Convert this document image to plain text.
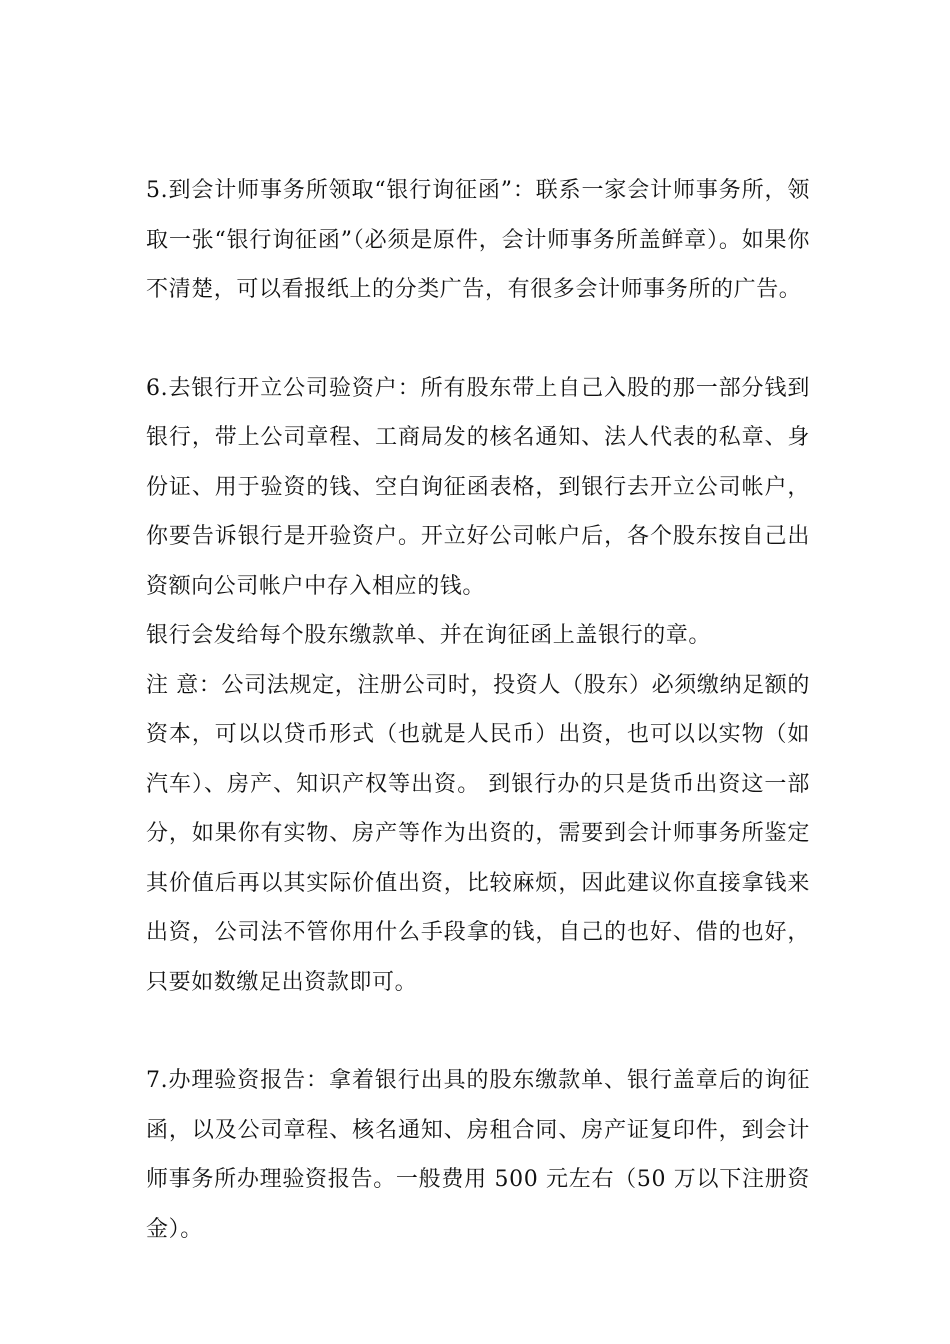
5.到会计师事务所领取“银行询征函”：联系一家会计师事务所，领取一张“银行询征函”（必须是原件，会计师事务所盖鲜章）。如果你不清楚，可以看报纸上的分类广告，有很多会计师事务所的广告。

6.去银行开立公司验资户：所有股东带上自己入股的那一部分钱到银行，带上公司章程、工商局发的核名通知、法人代表的私章、身份证、用于验资的钱、空白询征函表格，到银行去开立公司帐户，你要告诉银行是开验资户。开立好公司帐户后，各个股东按自己出资额向公司帐户中存入相应的钱。

银行会发给每个股东缴款单、并在询征函上盖银行的章。

注 意：公司法规定，注册公司时，投资人（股东）必须缴纳足额的资本，可以以贷币形式（也就是人民币）出资，也可以以实物（如汽车）、房产、知识产权等出资。 到银行办的只是货币出资这一部分，如果你有实物、房产等作为出资的，需要到会计师事务所鉴定其价值后再以其实际价值出资，比较麻烦，因此建议你直接拿钱来 出资，公司法不管你用什么手段拿的钱，自己的也好、借的也好，只要如数缴足出资款即可。

7.办理验资报告：拿着银行出具的股东缴款单、银行盖章后的询征函，以及公司章程、核名通知、房租合同、房产证复印件，到会计师事务所办理验资报告。一般费用 500 元左右（50 万以下注册资金）。
